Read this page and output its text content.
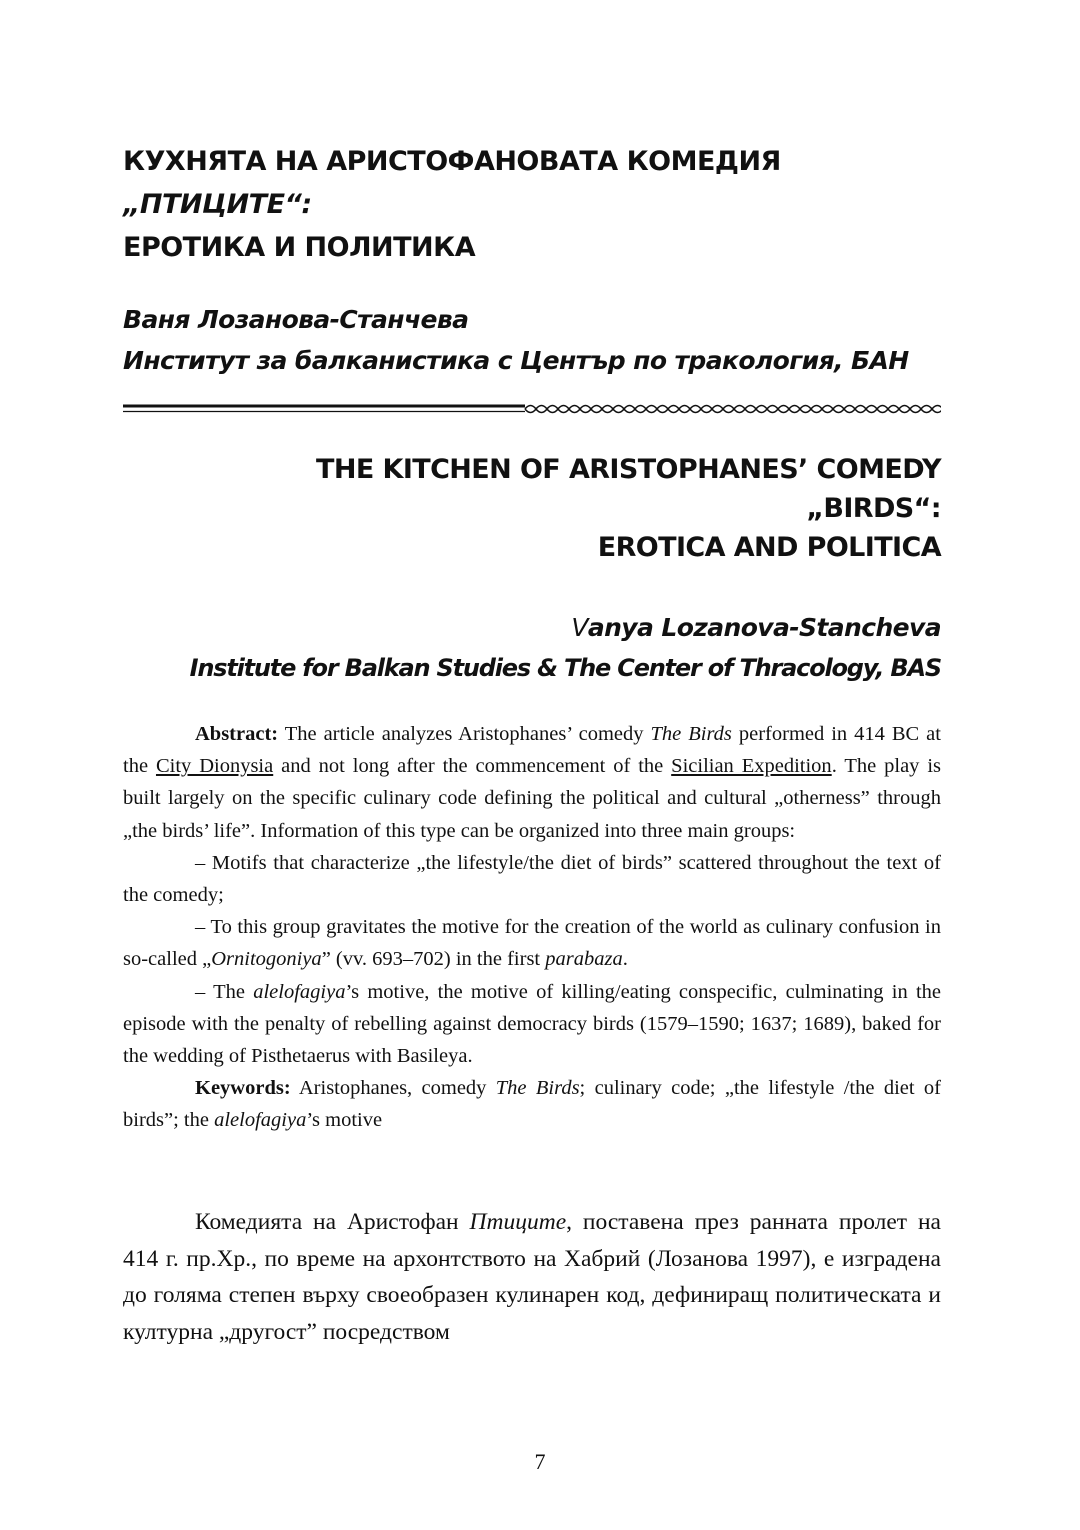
КУХНЯТА НА АРИСТОФАНОВАТА КОМЕДИЯ
„ПТИЦИТЕ“:
ЕРОТИКА И ПОЛИТИКА
Ваня Лозанова-Станчева
Институт за балканистика с Център по тракология, БАН
THE KITCHEN OF ARISTOPHANES’ COMEDY
„BIRDS“:
EROTICA AND POLITICA
Vanya Lozanova-Stancheva
Institute for Balkan Studies & The Center of Thracology, BAS

Abstract: The article analyzes Aristophanes’ comedy The Birds performed in 414 BC at the City Dionysia and not long after the commencement of the Sicilian Expedition. The play is built largely on the specific culinary code defining the political and cultural „otherness” through „the birds’ life”. Information of this type can be organized into three main groups:

– Motifs that characterize „the lifestyle/the diet of birds” scattered throughout the text of the comedy;

– To this group gravitates the motive for the creation of the world as culinary confusion in so-called „Ornitogoniya” (vv. 693–702) in the first parabaza.

– The alelofagiya’s motive, the motive of killing/eating conspecific, culminating in the episode with the penalty of rebelling against democracy birds (1579–1590; 1637; 1689), baked for the wedding of Pisthetaerus with Basileya.

Keywords: Aristophanes, comedy The Birds; culinary code; „the lifestyle /the diet of birds”; the alelofagiya’s motive

Комедията на Аристофан Птиците, поставена през ранната пролет на 414 г. пр.Хр., по време на архонтството на Хабрий (Лозанова 1997), е изградена до голяма степен върху своеобразен кулинарен код, дефиниращ политическата и културна „другост” посредством

7
